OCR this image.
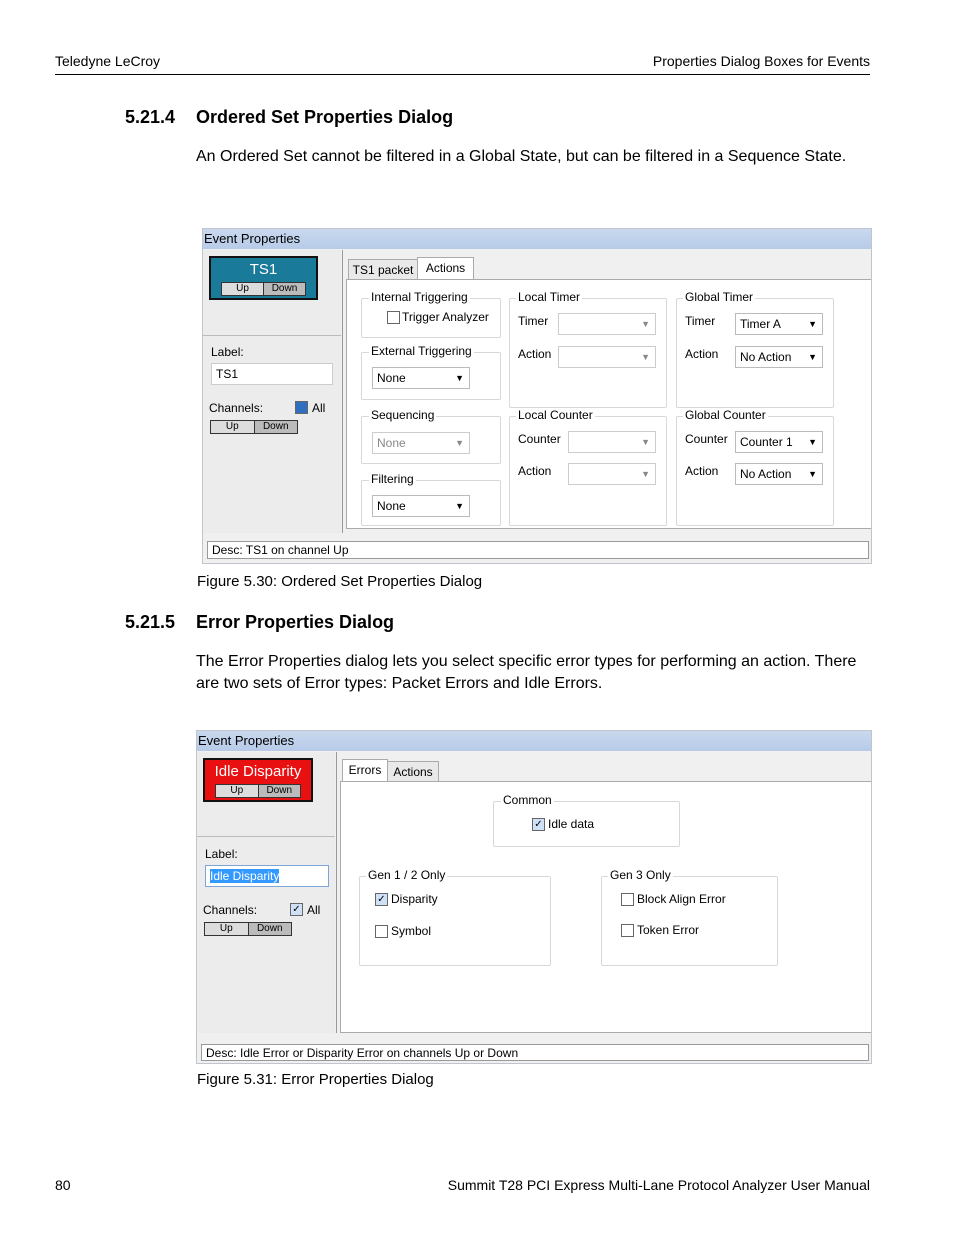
Teledyne LeCroy	Properties Dialog Boxes for Events
5.21.4 Ordered Set Properties Dialog
An Ordered Set cannot be filtered in a Global State, but can be filtered in a Sequence State.
Event Properties
TS1
Up	Down
Label:
TS1
Channels:	All
Up	Down
TS1 packet	Actions
Internal Triggering
Trigger Analyzer
External Triggering
None	▼
Sequencing
None	▼
Filtering
None	▼
Local Timer
Timer	▼
Action	▼
Local Counter
Counter	▼
Action	▼
Global Timer
Timer	Timer A	▼
Action	No Action ▼
Global Counter
Counter	Counter 1 ▼
Action	No Action ▼
Desc: TS1 on channel Up
Figure 5.30: Ordered Set Properties Dialog
5.21.5 Error Properties Dialog
The Error Properties dialog lets you select specific error types for performing an action. There are two sets of Error types: Packet Errors and Idle Errors.
Event Properties
Idle Disparity
Up	Down
Label:
Idle Disparity
Channels:	✓ All
Up	Down
Errors Actions
Common
✓ Idle data
Gen 1 / 2 Only
✓ Disparity
Symbol
Gen 3 Only
Block Align Error
Token Error
Desc: Idle Error or Disparity Error on channels Up or Down
Figure 5.31: Error Properties Dialog
80	Summit T28 PCI Express Multi-Lane Protocol Analyzer User Manual
